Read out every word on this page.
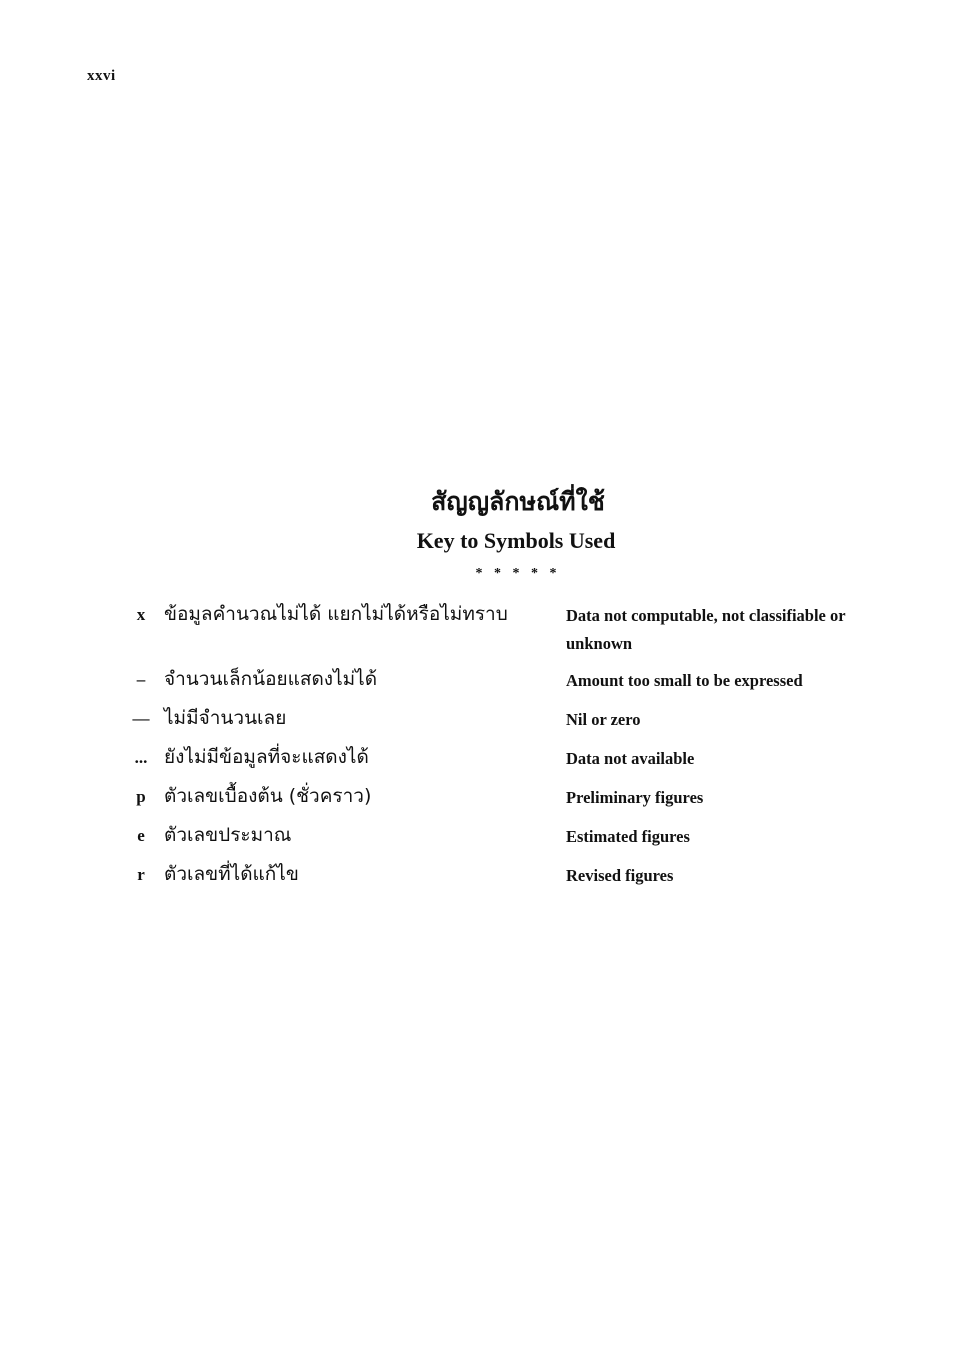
xxvi
สัญญลักษณ์ที่ใช้
Key to Symbols Used
* * * * *
x ข้อมูลคำนวณไม่ได้ แยกไม่ได้หรือไม่ทราบ	Data not computable, not classifiable or unknown
– จำนวนเล็กน้อยแสดงไม่ได้	Amount too small to be expressed
— ไม่มีจำนวนเลย	Nil or zero
... ยังไม่มีข้อมูลที่จะแสดงได้	Data not available
p ตัวเลขเบื้องต้น (ชั่วคราว)	Preliminary figures
e	ตัวเลขประมาณ	Estimated figures
r	ตัวเลขที่ได้แก้ไข	Revised figures
